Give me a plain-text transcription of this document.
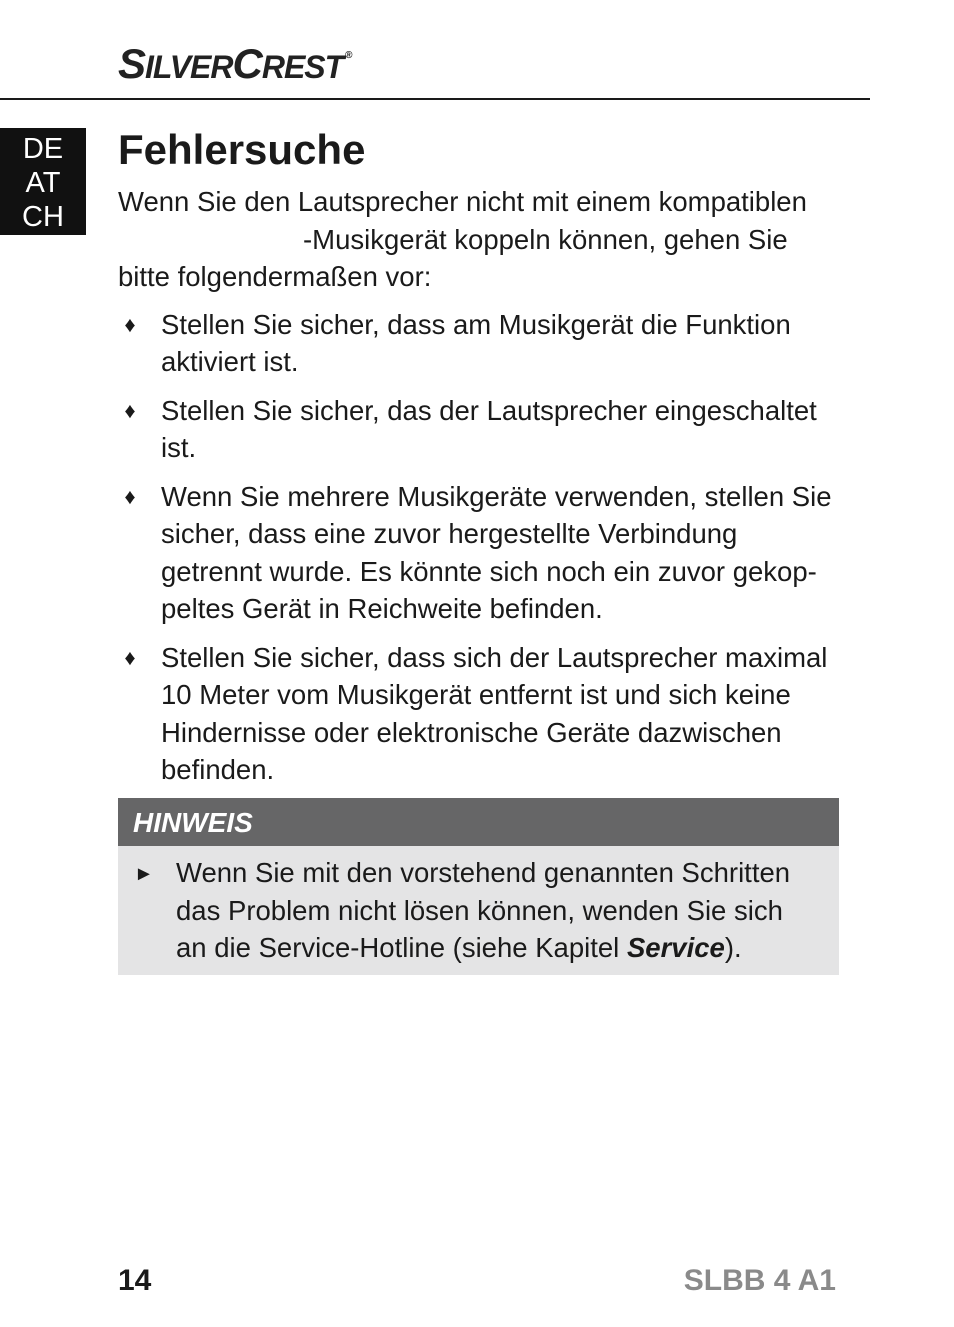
SILVERCREST ®
DE
AT
CH
Fehlersuche

Wenn Sie den Lautsprecher nicht mit einem kompatiblen

-Musikgerät koppeln können, gehen Sie

bitte folgendermaßen vor:

♦ Stellen Sie sicher, dass am Musikgerät die Funktion aktiviert ist.
♦ Stellen Sie sicher, das der Lautsprecher eingeschaltet ist.
♦ Wenn Sie mehrere Musikgeräte verwenden, stellen Sie sicher, dass eine zuvor hergestellte Verbindung getrennt wurde. Es könnte sich noch ein zuvor gekop-peltes Gerät in Reichweite befinden.
♦ Stellen Sie sicher, dass sich der Lautsprecher maximal 10 Meter vom Musikgerät entfernt ist und sich keine Hindernisse oder elektronische Geräte dazwischen befinden.
HINWEIS
► Wenn Sie mit den vorstehend genannten Schritten das Problem nicht lösen können, wenden Sie sich an die Service-Hotline (siehe Kapitel Service).
14	SLBB 4 A1
